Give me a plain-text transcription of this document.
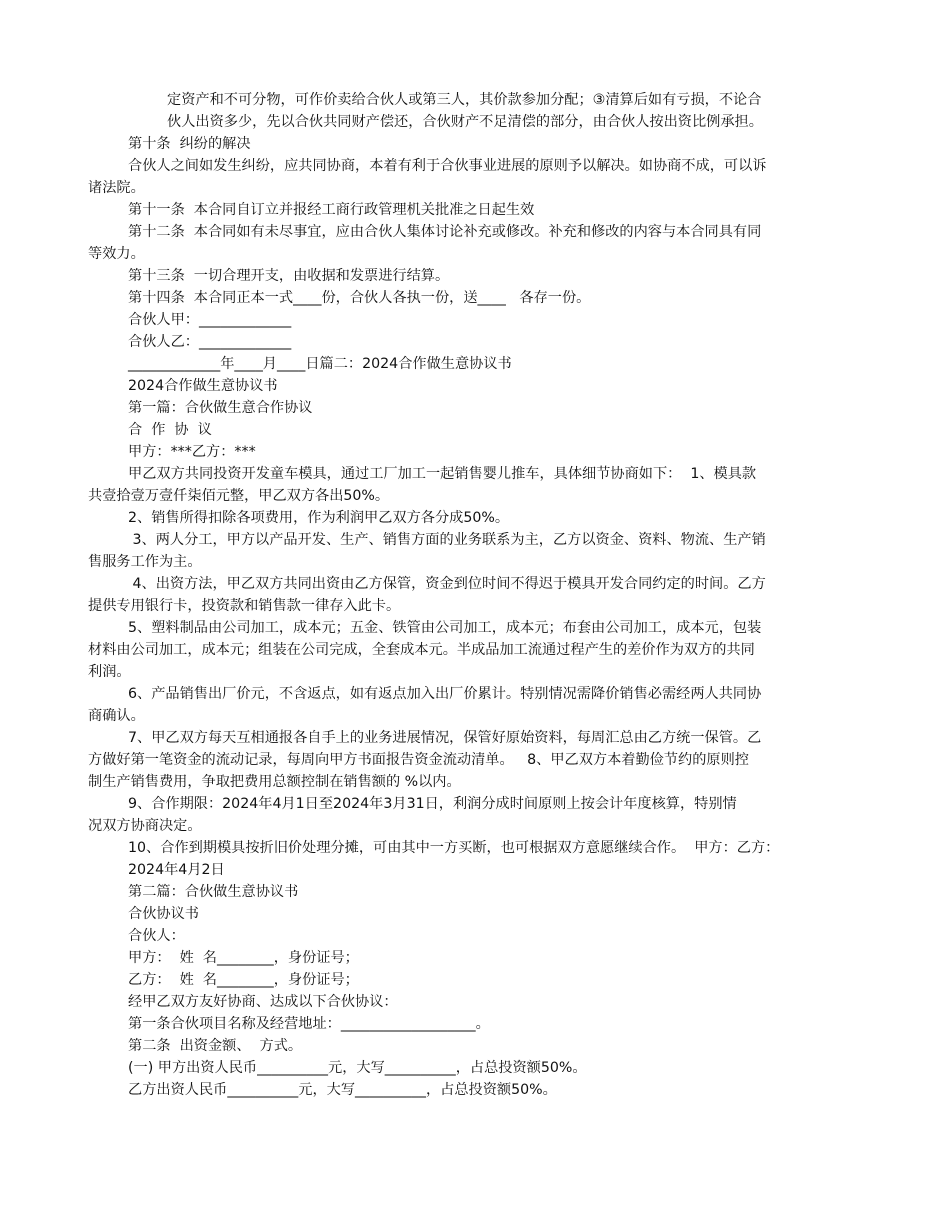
定资产和不可分物，可作价卖给合伙人或第三人，其价款参加分配；③清算后如有亏损，不论合
伙人出资多少，先以合伙共同财产偿还，合伙财产不足清偿的部分，由合伙人按出资比例承担。
第十条  纠纷的解决
合伙人之间如发生纠纷，应共同协商，本着有利于合伙事业进展的原则予以解决。如协商不成，可以诉
诸法院。
第十一条  本合同自订立并报经工商行政管理机关批准之日起生效
第十二条  本合同如有未尽事宜，应由合伙人集体讨论补充或修改。补充和修改的内容与本合同具有同
等效力。
第十三条  一切合理开支，由收据和发票进行结算。
第十四条  本合同正本一式____份，合伙人各执一份，送____   各存一份。
合伙人甲：_____________
合伙人乙：_____________
_____________年____月____日篇二：2024合作做生意协议书
2024合作做生意协议书
第一篇：合伙做生意合作协议
合  作  协  议
甲方：***乙方：***
甲乙双方共同投资开发童车模具，通过工厂加工一起销售婴儿推车，具体细节协商如下：  1、模具款
共壹拾壹万壹仟柒佰元整，甲乙双方各出50%。
2、销售所得扣除各项费用，作为利润甲乙双方各分成50%。
3、两人分工，甲方以产品开发、生产、销售方面的业务联系为主，乙方以资金、资料、物流、生产销
售服务工作为主。
4、出资方法，甲乙双方共同出资由乙方保管，资金到位时间不得迟于模具开发合同约定的时间。乙方
提供专用银行卡，投资款和销售款一律存入此卡。
5、塑料制品由公司加工，成本元；五金、铁管由公司加工，成本元；布套由公司加工，成本元，包装
材料由公司加工，成本元；组装在公司完成，全套成本元。半成品加工流通过程产生的差价作为双方的共同
利润。
6、产品销售出厂价元，不含返点，如有返点加入出厂价累计。特别情况需降价销售必需经两人共同协
商确认。
7、甲乙双方每天互相通报各自手上的业务进展情况，保管好原始资料，每周汇总由乙方统一保管。乙
方做好第一笔资金的流动记录，每周向甲方书面报告资金流动清单。   8、甲乙双方本着勤俭节约的原则控
制生产销售费用，争取把费用总额控制在销售额的 %以内。
9、合作期限：2024年4月1日至2024年3月31日，利润分成时间原则上按会计年度核算，特别情
况双方协商决定。
10、合作到期模具按折旧价处理分摊，可由其中一方买断，也可根据双方意愿继续合作。  甲方：乙方：
2024年4月2日
第二篇：合伙做生意协议书
合伙协议书
合伙人：
甲方：  姓  名________，身份证号；
乙方：  姓  名________，身份证号；
经甲乙双方友好协商、达成以下合伙协议：
第一条合伙项目名称及经营地址：___________________。
第二条  出资金额、  方式。
(一) 甲方出资人民币__________元，大写__________，占总投资额50%。
乙方出资人民币__________元，大写__________，占总投资额50%。
